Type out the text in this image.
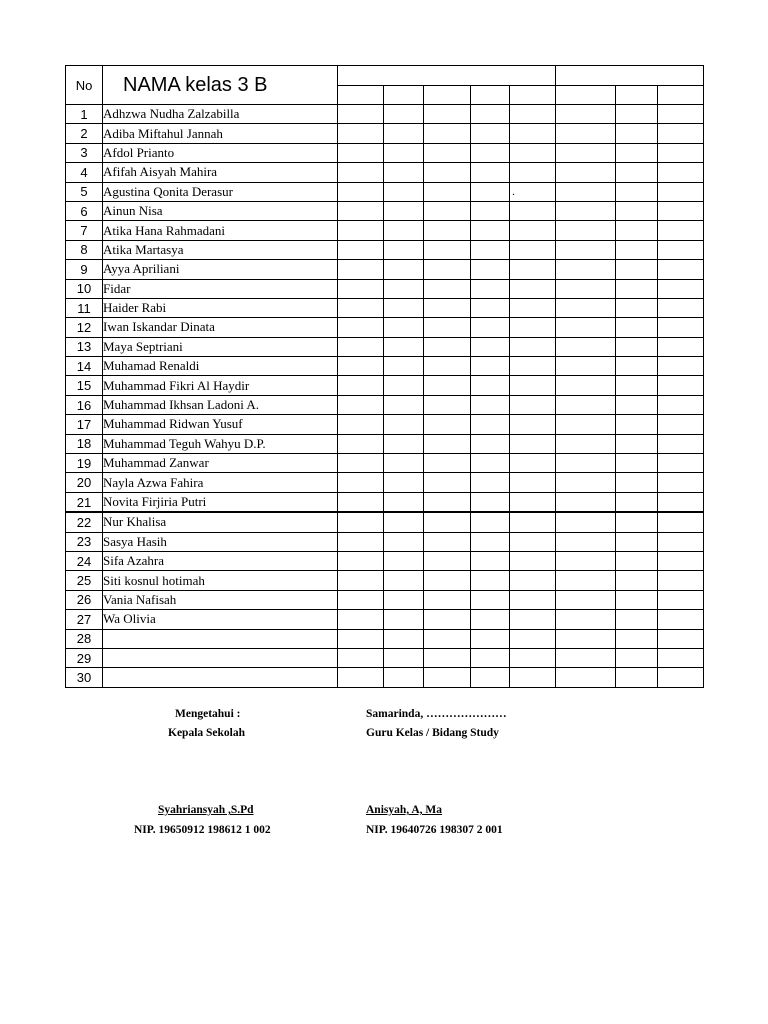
No	NAMA kelas 3 B								

1	Adhzwa Nudha Zalzabilla								
2	Adiba Miftahul Jannah								
3	Afdol Prianto								
4	Afifah Aisyah Mahira								
5	Agustina Qonita Derasur					.			
6	Ainun Nisa								
7	Atika Hana Rahmadani								
8	Atika Martasya								
9	Ayya Apriliani								
10	Fidar								
11	Haider Rabi								
12	Iwan Iskandar Dinata								
13	Maya Septriani								
14	Muhamad Renaldi								
15	Muhammad Fikri Al Haydir								
16	Muhammad Ikhsan Ladoni A.								
17	Muhammad Ridwan Yusuf								
18	Muhammad Teguh Wahyu D.P.								
19	Muhammad Zanwar								
20	Nayla Azwa Fahira								
21	Novita Firjiria Putri								
22	Nur Khalisa								
23	Sasya Hasih								
24	Sifa Azahra								
25	Siti kosnul hotimah								
26	Vania Nafisah								
27	Wa Olivia								
28									
29									
30									
Mengetahui :
Kepala Sekolah
Syahriansyah ,S.Pd
NIP. 19650912 198612 1 002
Samarinda, …………………
Guru Kelas / Bidang Study
Anisyah, A, Ma
NIP. 19640726 198307 2 001
